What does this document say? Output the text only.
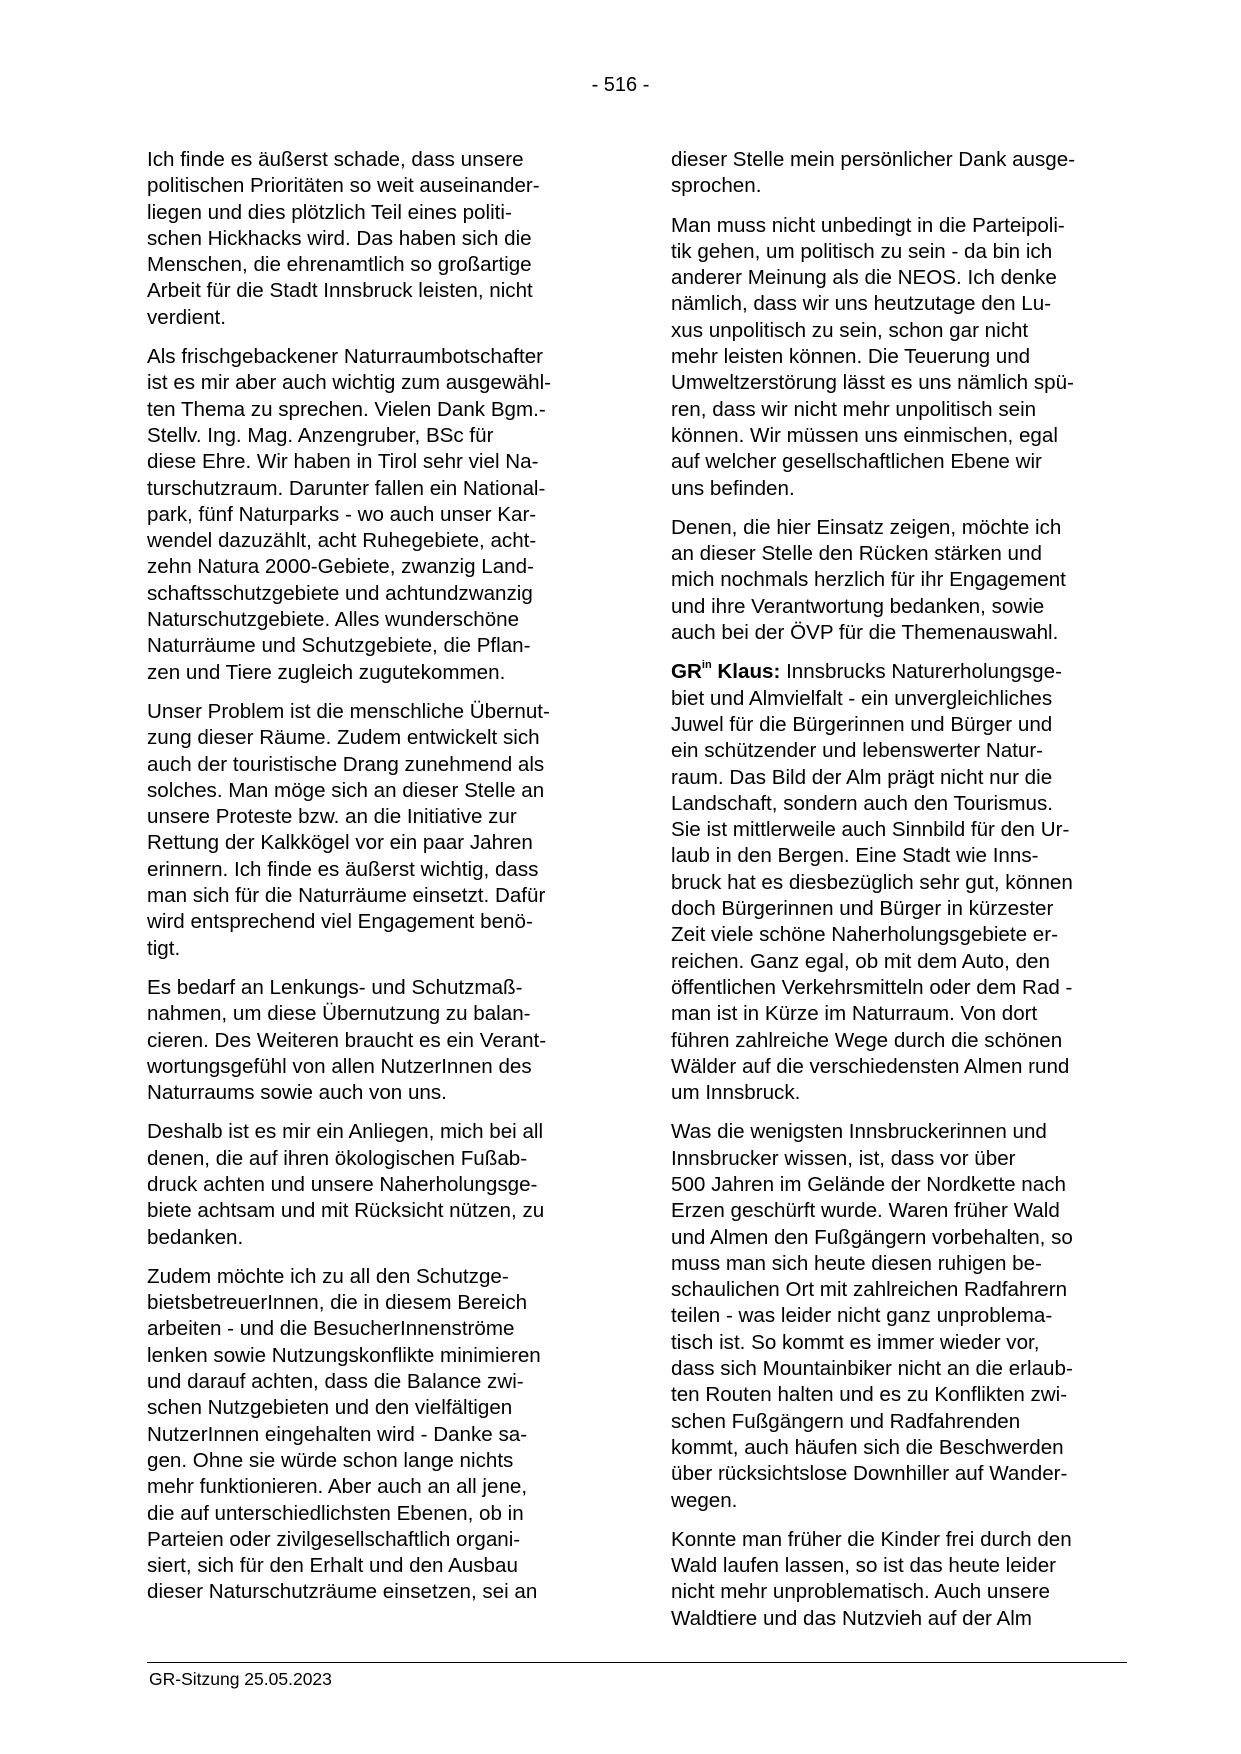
- 516 -

Ich finde es äußerst schade, dass unsere
politischen Prioritäten so weit auseinander-
liegen und dies plötzlich Teil eines politi-
schen Hickhacks wird. Das haben sich die
Menschen, die ehrenamtlich so großartige
Arbeit für die Stadt Innsbruck leisten, nicht
verdient.

Als frischgebackener Naturraumbotschafter
ist es mir aber auch wichtig zum ausgewähl-
ten Thema zu sprechen. Vielen Dank Bgm.-
Stellv. Ing. Mag. Anzengruber, BSc für
diese Ehre. Wir haben in Tirol sehr viel Na-
turschutzraum. Darunter fallen ein National-
park, fünf Naturparks - wo auch unser Kar-
wendel dazuzählt, acht Ruhegebiete, acht-
zehn Natura 2000-Gebiete, zwanzig Land-
schaftsschutzgebiete und achtundzwanzig
Naturschutzgebiete. Alles wunderschöne
Naturräume und Schutzgebiete, die Pflan-
zen und Tiere zugleich zugutekommen.

Unser Problem ist die menschliche Übernut-
zung dieser Räume. Zudem entwickelt sich
auch der touristische Drang zunehmend als
solches. Man möge sich an dieser Stelle an
unsere Proteste bzw. an die Initiative zur
Rettung der Kalkkögel vor ein paar Jahren
erinnern. Ich finde es äußerst wichtig, dass
man sich für die Naturräume einsetzt. Dafür
wird entsprechend viel Engagement benö-
tigt.

Es bedarf an Lenkungs- und Schutzmaß-
nahmen, um diese Übernutzung zu balan-
cieren. Des Weiteren braucht es ein Verant-
wortungsgefühl von allen NutzerInnen des
Naturraums sowie auch von uns.

Deshalb ist es mir ein Anliegen, mich bei all
denen, die auf ihren ökologischen Fußab-
druck achten und unsere Naherholungsge-
biete achtsam und mit Rücksicht nützen, zu
bedanken.

Zudem möchte ich zu all den Schutzge-
bietsbetreuerInnen, die in diesem Bereich
arbeiten - und die BesucherInnenströme
lenken sowie Nutzungskonflikte minimieren
und darauf achten, dass die Balance zwi-
schen Nutzgebieten und den vielfältigen
NutzerInnen eingehalten wird - Danke sa-
gen. Ohne sie würde schon lange nichts
mehr funktionieren. Aber auch an all jene,
die auf unterschiedlichsten Ebenen, ob in
Parteien oder zivilgesellschaftlich organi-
siert, sich für den Erhalt und den Ausbau
dieser Naturschutzräume einsetzen, sei an

dieser Stelle mein persönlicher Dank ausge-
sprochen.

Man muss nicht unbedingt in die Parteipoli-
tik gehen, um politisch zu sein - da bin ich
anderer Meinung als die NEOS. Ich denke
nämlich, dass wir uns heutzutage den Lu-
xus unpolitisch zu sein, schon gar nicht
mehr leisten können. Die Teuerung und
Umweltzerstörung lässt es uns nämlich spü-
ren, dass wir nicht mehr unpolitisch sein
können. Wir müssen uns einmischen, egal
auf welcher gesellschaftlichen Ebene wir
uns befinden.

Denen, die hier Einsatz zeigen, möchte ich
an dieser Stelle den Rücken stärken und
mich nochmals herzlich für ihr Engagement
und ihre Verantwortung bedanken, sowie
auch bei der ÖVP für die Themenauswahl.

$GR^{in}$ Klaus: Innsbrucks Naturerholungsge-
biet und Almvielfalt - ein unvergleichliches
Juwel für die Bürgerinnen und Bürger und
ein schützender und lebenswerter Natur-
raum. Das Bild der Alm prägt nicht nur die
Landschaft, sondern auch den Tourismus.
Sie ist mittlerweile auch Sinnbild für den Ur-
laub in den Bergen. Eine Stadt wie Inns-
bruck hat es diesbezüglich sehr gut, können
doch Bürgerinnen und Bürger in kürzester
Zeit viele schöne Naherholungsgebiete er-
reichen. Ganz egal, ob mit dem Auto, den
öffentlichen Verkehrsmitteln oder dem Rad -
man ist in Kürze im Naturraum. Von dort
führen zahlreiche Wege durch die schönen
Wälder auf die verschiedensten Almen rund
um Innsbruck.

Was die wenigsten Innsbruckerinnen und
Innsbrucker wissen, ist, dass vor über
500 Jahren im Gelände der Nordkette nach
Erzen geschürft wurde. Waren früher Wald
und Almen den Fußgängern vorbehalten, so
muss man sich heute diesen ruhigen be-
schaulichen Ort mit zahlreichen Radfahrern
teilen - was leider nicht ganz unproblema-
tisch ist. So kommt es immer wieder vor,
dass sich Mountainbiker nicht an die erlaub-
ten Routen halten und es zu Konflikten zwi-
schen Fußgängern und Radfahrenden
kommt, auch häufen sich die Beschwerden
über rücksichtslose Downhiller auf Wander-
wegen.

Konnte man früher die Kinder frei durch den
Wald laufen lassen, so ist das heute leider
nicht mehr unproblematisch. Auch unsere
Waldtiere und das Nutzvieh auf der Alm

GR-Sitzung 25.05.2023
